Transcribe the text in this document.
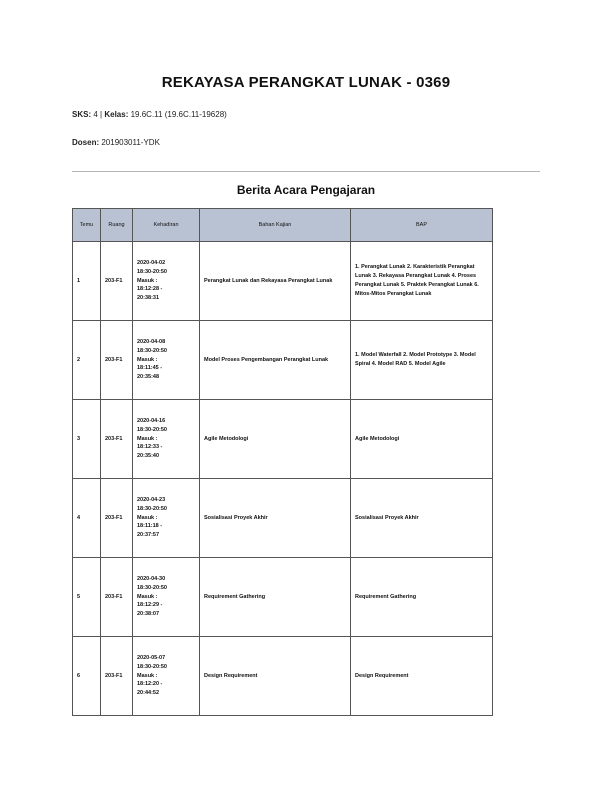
REKAYASA PERANGKAT LUNAK - 0369
SKS: 4 | Kelas: 19.6C.11 (19.6C.11-19628)
Dosen: 201903011-YDK
Berita Acara Pengajaran
Temu	Ruang	Kehadiran	Bahan Kajian	BAP
1	203-F1	2020-04-02
18:30-20:50
Masuk :
18:12:28 -
20:38:31	Perangkat Lunak dan Rekayasa Perangkat Lunak	1. Perangkat Lunak 2. Karakteristik Perangkat Lunak 3. Rekayasa Perangkat Lunak 4. Proses Perangkat Lunak 5. Praktek Perangkat Lunak 6. Mitos-Mitos Perangkat Lunak
2	203-F1	2020-04-08
18:30-20:50
Masuk :
18:11:45 -
20:35:48	Model Proses Pengembangan Perangkat Lunak	1. Model Waterfall 2. Model Prototype 3. Model Spiral 4. Model RAD 5. Model Agile
3	203-F1	2020-04-16
18:30-20:50
Masuk :
18:12:33 -
20:35:40	Agile Metodologi	Agile Metodologi
4	203-F1	2020-04-23
18:30-20:50
Masuk :
18:11:18 -
20:37:57	Sosialisasi Proyek Akhir	Sosialisasi Proyek Akhir
5	203-F1	2020-04-30
18:30-20:50
Masuk :
18:12:29 -
20:38:07	Requirement Gathering	Requirement Gathering
6	203-F1	2020-05-07
18:30-20:50
Masuk :
18:12:20 -
20:44:52	Design Requirement	Design Requirement
